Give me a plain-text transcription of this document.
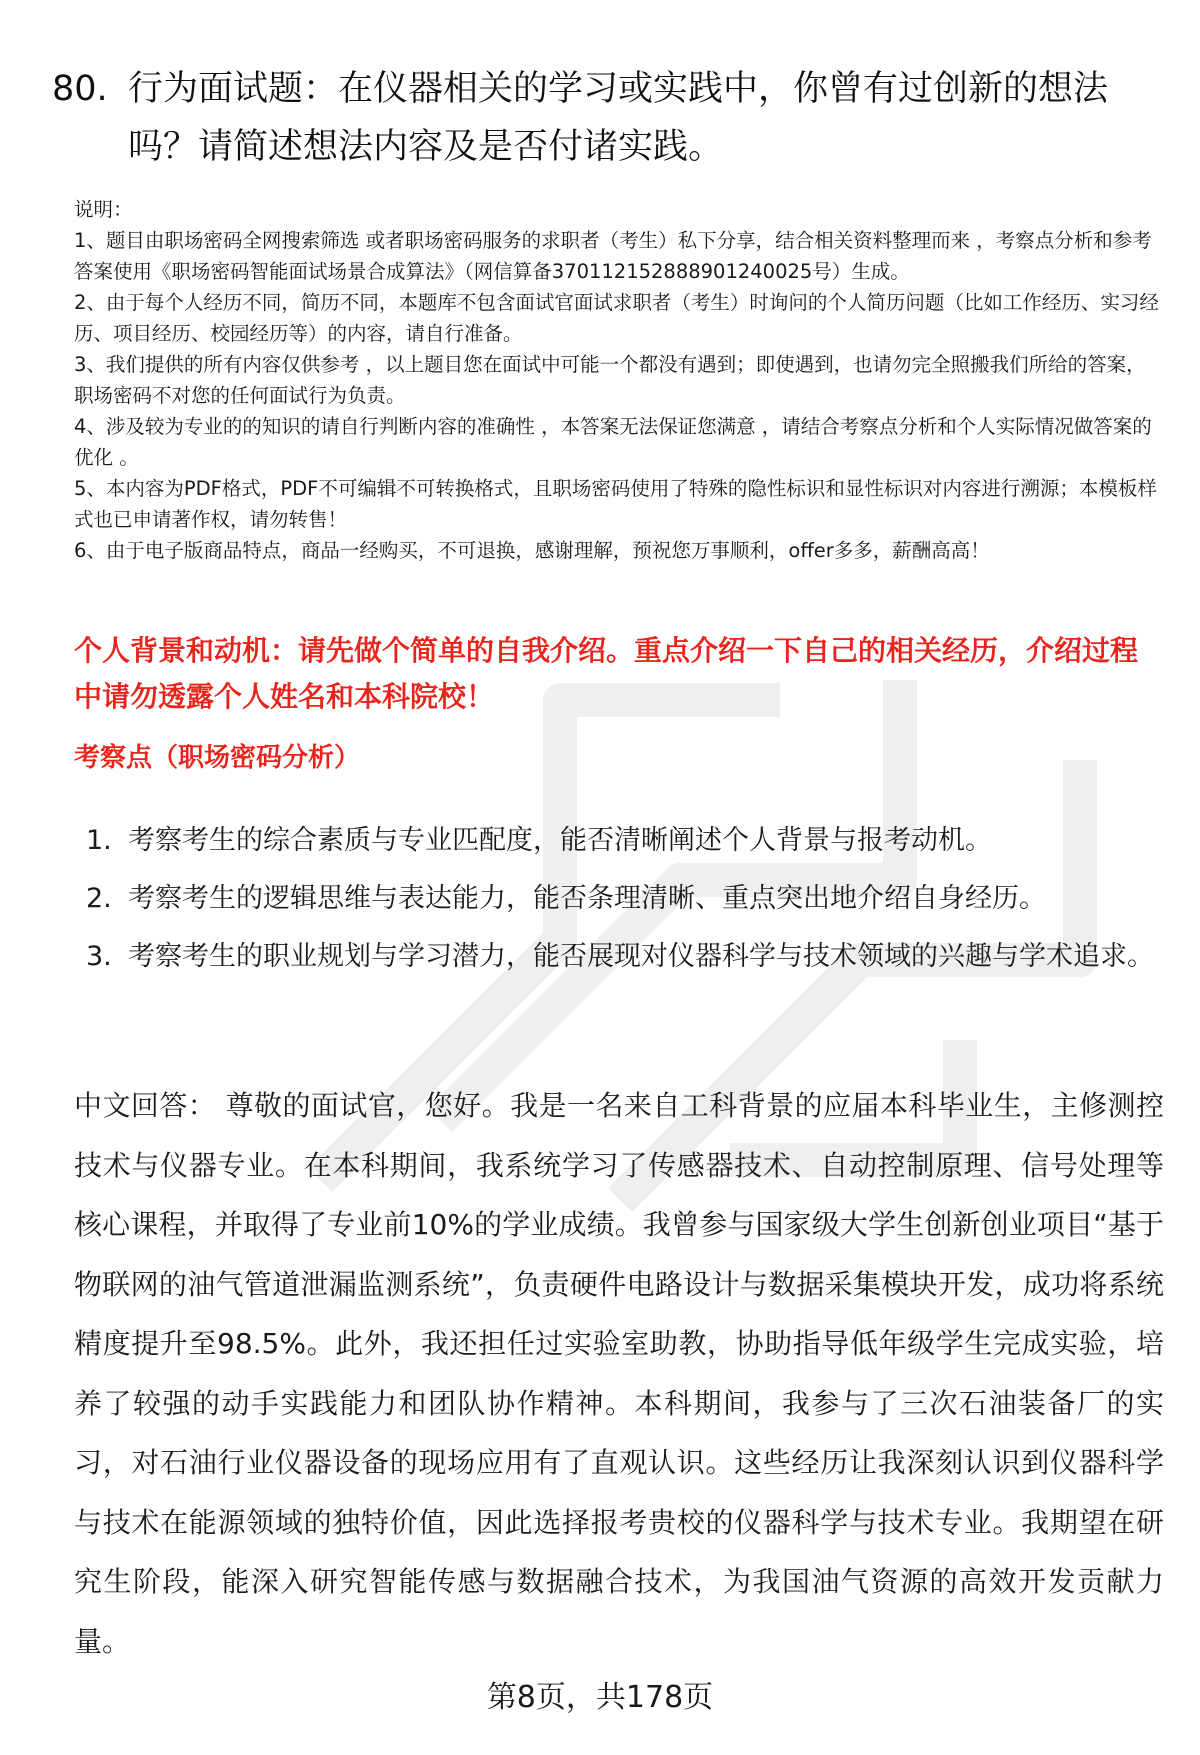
80. 行为面试题：在仪器相关的学习或实践中，你曾有过创新的想法吗？请简述想法内容及是否付诸实践。

说明：

1、题目由职场密码全网搜索筛选 或者职场密码服务的求职者（考生）私下分享，结合相关资料整理而来 ，考察点分析和参考答案使用《职场密码智能面试场景合成算法》（网信算备370112152888901240025号）生成。

2、由于每个人经历不同，简历不同，本题库不包含面试官面试求职者（考生）时询问的个人简历问题（比如工作经历、实习经历、项目经历、校园经历等）的内容，请自行准备。

3、我们提供的所有内容仅供参考 ，以上题目您在面试中可能一个都没有遇到；即使遇到，也请勿完全照搬我们所给的答案，职场密码不对您的任何面试行为负责。

4、涉及较为专业的的知识的请自行判断内容的准确性 ，本答案无法保证您满意 ，请结合考察点分析和个人实际情况做答案的优化 。

5、本内容为PDF格式，PDF不可编辑不可转换格式，且职场密码使用了特殊的隐性标识和显性标识对内容进行溯源；本模板样式也已申请著作权，请勿转售！

6、由于电子版商品特点，商品一经购买，不可退换，感谢理解，预祝您万事顺利，offer多多，薪酬高高！

个人背景和动机：请先做个简单的自我介绍。重点介绍一下自己的相关经历，介绍过程中请勿透露个人姓名和本科院校！
考察点（职场密码分析）
1. 考察考生的综合素质与专业匹配度，能否清晰阐述个人背景与报考动机。
2. 考察考生的逻辑思维与表达能力，能否条理清晰、重点突出地介绍自身经历。
3. 考察考生的职业规划与学习潜力，能否展现对仪器科学与技术领域的兴趣与学术追求。

中文回答： 尊敬的面试官，您好。我是一名来自工科背景的应届本科毕业生，主修测控技术与仪器专业。在本科期间，我系统学习了传感器技术、自动控制原理、信号处理等核心课程，并取得了专业前10%的学业成绩。我曾参与国家级大学生创新创业项目“基于物联网的油气管道泄漏监测系统”，负责硬件电路设计与数据采集模块开发，成功将系统精度提升至98.5%。此外，我还担任过实验室助教，协助指导低年级学生完成实验，培养了较强的动手实践能力和团队协作精神。本科期间，我参与了三次石油装备厂的实习，对石油行业仪器设备的现场应用有了直观认识。这些经历让我深刻认识到仪器科学与技术在能源领域的独特价值，因此选择报考贵校的仪器科学与技术专业。我期望在研究生阶段，能深入研究智能传感与数据融合技术，为我国油气资源的高效开发贡献力量。

第8页，共178页
